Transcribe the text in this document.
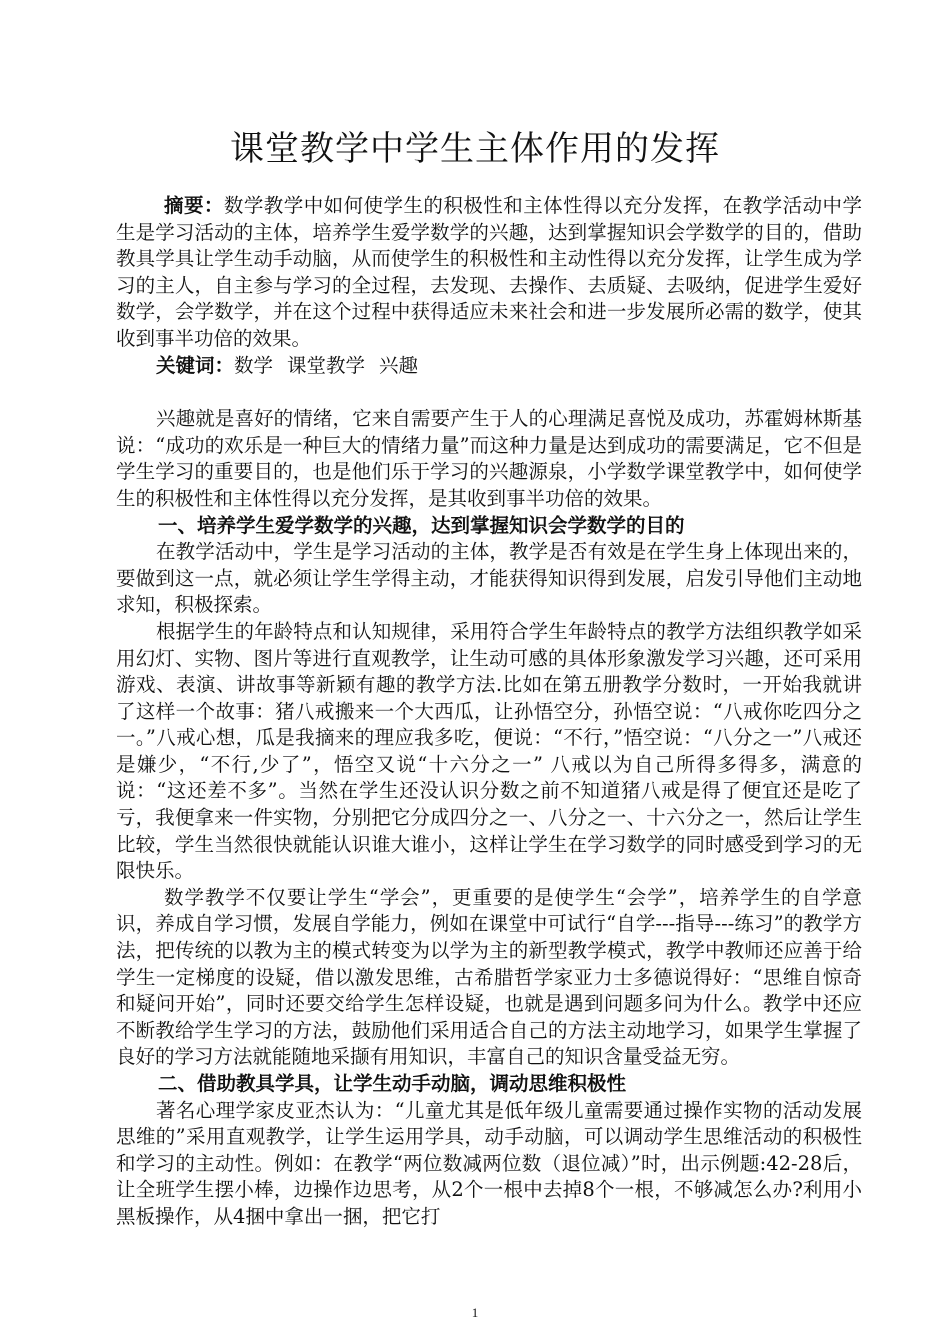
课堂教学中学生主体作用的发挥

摘要：数学教学中如何使学生的积极性和主体性得以充分发挥，在教学活动中学生是学习活动的主体，培养学生爱学数学的兴趣，达到掌握知识会学数学的目的，借助教具学具让学生动手动脑，从而使学生的积极性和主动性得以充分发挥，让学生成为学习的主人，自主参与学习的全过程，去发现、去操作、去质疑、去吸纳，促进学生爱好数学，会学数学，并在这个过程中获得适应未来社会和进一步发展所必需的数学，使其收到事半功倍的效果。

关键词：数学 课堂教学 兴趣

兴趣就是喜好的情绪，它来自需要产生于人的心理满足喜悦及成功，苏霍姆林斯基说：“成功的欢乐是一种巨大的情绪力量”而这种力量是达到成功的需要满足，它不但是学生学习的重要目的，也是他们乐于学习的兴趣源泉，小学数学课堂教学中，如何使学生的积极性和主体性得以充分发挥，是其收到事半功倍的效果。

一、培养学生爱学数学的兴趣，达到掌握知识会学数学的目的

在教学活动中，学生是学习活动的主体，教学是否有效是在学生身上体现出来的，要做到这一点，就必须让学生学得主动，才能获得知识得到发展，启发引导他们主动地求知，积极探索。

根据学生的年龄特点和认知规律，采用符合学生年龄特点的教学方法组织教学如采用幻灯、实物、图片等进行直观教学，让生动可感的具体形象激发学习兴趣，还可采用游戏、表演、讲故事等新颖有趣的教学方法.比如在第五册教学分数时，一开始我就讲了这样一个故事：猪八戒搬来一个大西瓜，让孙悟空分，孙悟空说：“八戒你吃四分之一。”八戒心想，瓜是我摘来的理应我多吃，便说：“不行，”悟空说：“八分之一”八戒还是嫌少，“不行,少了”，悟空又说“十六分之一” 八戒以为自己所得多得多，满意的说：“这还差不多”。当然在学生还没认识分数之前不知道猪八戒是得了便宜还是吃了亏，我便拿来一件实物，分别把它分成四分之一、八分之一、十六分之一，然后让学生比较，学生当然很快就能认识谁大谁小，这样让学生在学习数学的同时感受到学习的无限快乐。

数学教学不仅要让学生“学会”，更重要的是使学生“会学”，培养学生的自学意识，养成自学习惯，发展自学能力，例如在课堂中可试行“自学---指导---练习”的教学方法，把传统的以教为主的模式转变为以学为主的新型教学模式，教学中教师还应善于给学生一定梯度的设疑，借以激发思维，古希腊哲学家亚力士多德说得好：“思维自惊奇和疑问开始”，同时还要交给学生怎样设疑，也就是遇到问题多问为什么。教学中还应不断教给学生学习的方法，鼓励他们采用适合自己的方法主动地学习，如果学生掌握了良好的学习方法就能随地采撷有用知识，丰富自己的知识含量受益无穷。

二、借助教具学具，让学生动手动脑，调动思维积极性

著名心理学家皮亚杰认为：“儿童尤其是低年级儿童需要通过操作实物的活动发展思维的”采用直观教学，让学生运用学具，动手动脑，可以调动学生思维活动的积极性和学习的主动性。例如：在教学“两位数减两位数（退位减）”时，出示例题:42-28后，让全班学生摆小棒，边操作边思考，从2个一根中去掉8个一根，不够减怎么办?利用小黑板操作，从4捆中拿出一捆，把它打

1
